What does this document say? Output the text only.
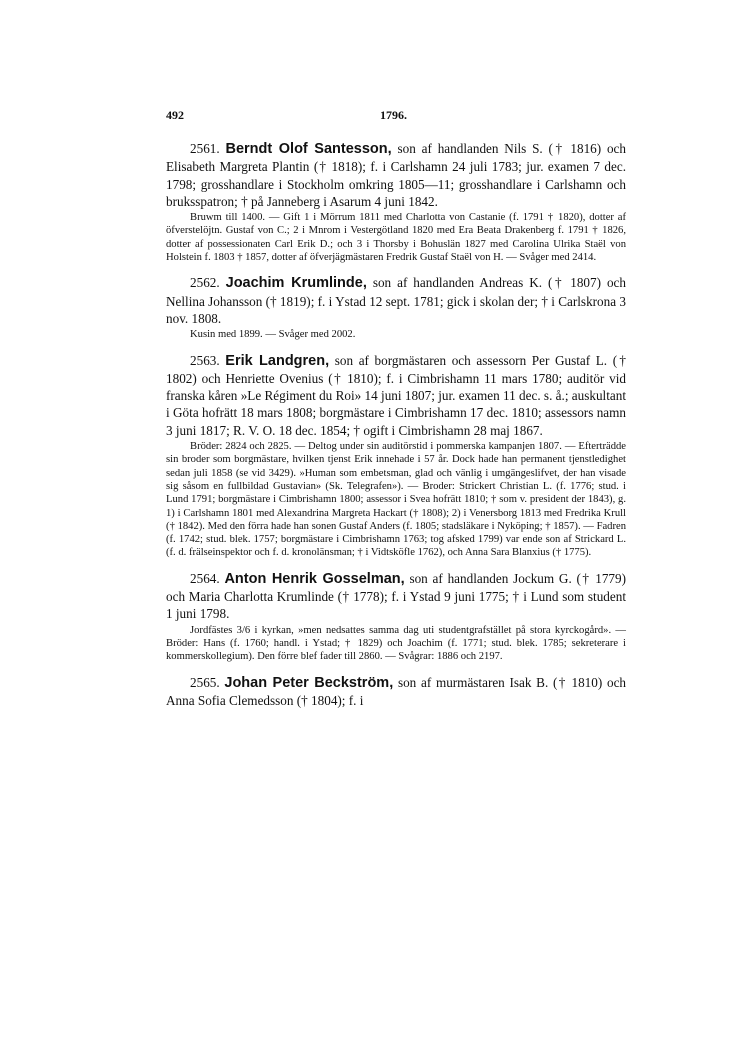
492	1796.

2561. Berndt Olof Santesson, son af handlanden Nils S. († 1816) och Elisabeth Margreta Plantin († 1818); f. i Carlshamn 24 juli 1783; jur. examen 7 dec. 1798; grosshandlare i Stockholm omkring 1805—11; grosshandlare i Carlshamn och bruksspatron; † på Janneberg i Asarum 4 juni 1842.

Bruwm till 1400. — Gift 1 i Mörrum 1811 med Charlotta von Castanie (f. 1791 † 1820), dotter af öfverstelöjtn. Gustaf von C.; 2 i Mnrom i Vestergötland 1820 med Era Beata Drakenberg f. 1791 † 1826, dotter af possessionaten Carl Erik D.; och 3 i Thorsby i Bohuslän 1827 med Carolina Ulrika Staël von Holstein f. 1803 † 1857, dotter af öfverjägmästaren Fredrik Gustaf Staël von H. — Svåger med 2414.

2562. Joachim Krumlinde, son af handlanden Andreas K. († 1807) och Nellina Johansson († 1819); f. i Ystad 12 sept. 1781; gick i skolan der; † i Carlskrona 3 nov. 1808.

Kusin med 1899. — Svåger med 2002.

2563. Erik Landgren, son af borgmästaren och assessorn Per Gustaf L. († 1802) och Henriette Ovenius († 1810); f. i Cimbrishamn 11 mars 1780; auditör vid franska kåren »Le Régiment du Roi» 14 juni 1807; jur. examen 11 dec. s. å.; auskultant i Göta hofrätt 18 mars 1808; borgmästare i Cimbrishamn 17 dec. 1810; assessors namn 3 juni 1817; R. V. O. 18 dec. 1854; † ogift i Cimbrishamn 28 maj 1867.

Bröder: 2824 och 2825. — Deltog under sin auditörstid i pommerska kampanjen 1807. — Efterträdde sin broder som borgmästare, hvilken tjenst Erik innehade i 57 år. Dock hade han permanent tjenstledighet sedan juli 1858 (se vid 3429). »Human som embetsman, glad och vänlig i umgängeslifvet, der han visade sig såsom en fullbildad Gustavian» (Sk. Telegrafen»). — Broder: Strickert Christian L. (f. 1776; stud. i Lund 1791; borgmästare i Cimbrishamn 1800; assessor i Svea hofrätt 1810; † som v. president der 1843), g. 1) i Carlshamn 1801 med Alexandrina Margreta Hackart († 1808); 2) i Venersborg 1813 med Fredrika Krull († 1842). Med den förra hade han sonen Gustaf Anders (f. 1805; stadsläkare i Nyköping; † 1857). — Fadren (f. 1742; stud. blek. 1757; borgmästare i Cimbrishamn 1763; tog afsked 1799) var ende son af Strickard L. (f. d. frälseinspektor och f. d. kronolänsman; † i Vidtsköfle 1762), och Anna Sara Blanxius († 1775).

2564. Anton Henrik Gosselman, son af handlanden Jockum G. († 1779) och Maria Charlotta Krumlinde († 1778); f. i Ystad 9 juni 1775; † i Lund som student 1 juni 1798.

Jordfästes 3/6 i kyrkan, »men nedsattes samma dag uti studentgrafstället på stora kyrckogård». — Bröder: Hans (f. 1760; handl. i Ystad; † 1829) och Joachim (f. 1771; stud. blek. 1785; sekreterare i kommerskollegium). Den förre blef fader till 2860. — Svågrar: 1886 och 2197.

2565. Johan Peter Beckström, son af murmästaren Isak B. († 1810) och Anna Sofia Clemedsson († 1804); f. i
